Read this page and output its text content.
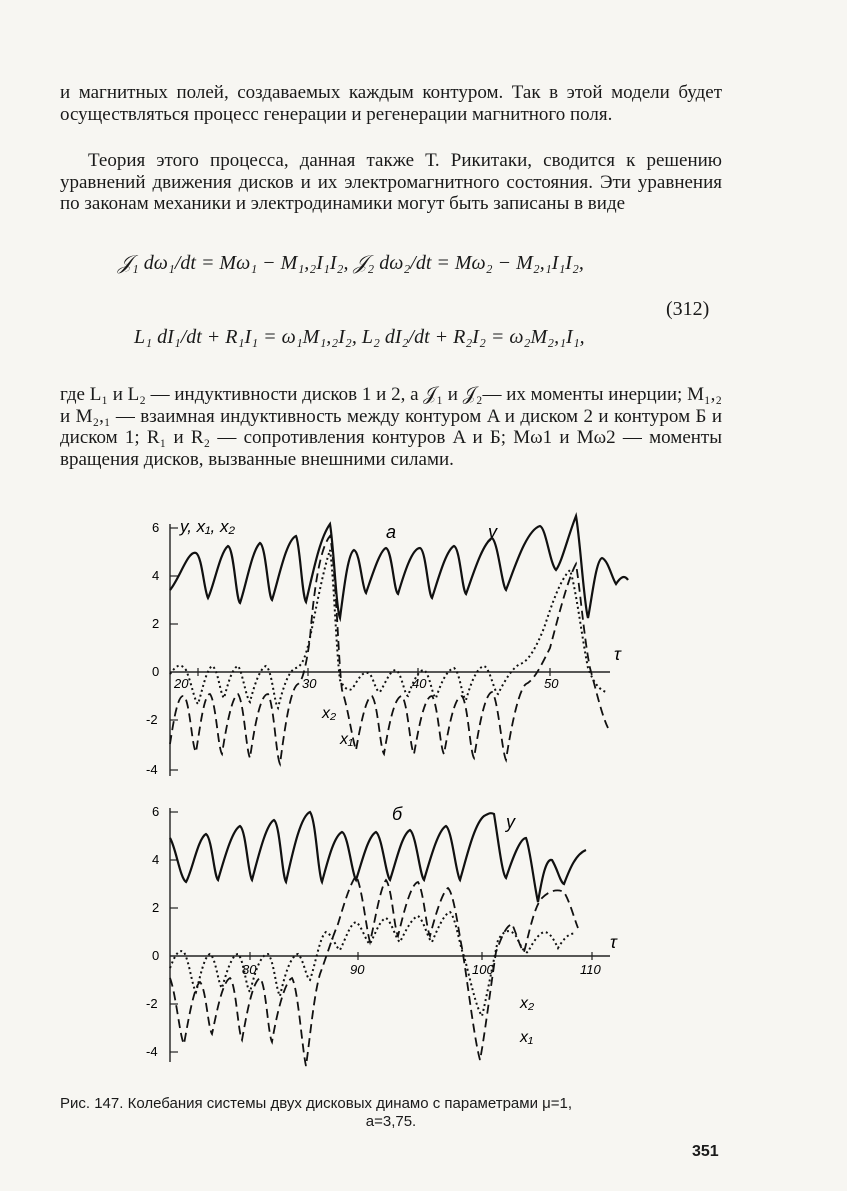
и магнитных полей, создаваемых каждым контуром. Так в этой модели будет осуществляться процесс генерации и регенерации магнитного поля.

Теория этого процесса, данная также Т. Рикитаки, сводится к решению уравнений движения дисков и их электромагнитного состояния. Эти уравнения по законам механики и электродинамики могут быть записаны в виде

𝒥₁ dω₁/dt = Mω₁ − M₁,₂I₁I₂, 𝒥₂ dω₂/dt = Mω₂ − M₂,₁I₁I₂,
(312)
L₁ dI₁/dt + R₁I₁ = ω₁M₁,₂I₂, L₂ dI₂/dt + R₂I₂ = ω₂M₂,₁I₁,

где L₁ и L₂ — индуктивности дисков 1 и 2, а 𝒥₁ и 𝒥₂— их моменты инерции; M₁,₂ и M₂,₁ — взаимная индуктивность между контуром A и диском 2 и контуром Б и диском 1; R₁ и R₂ — сопротивления контуров A и Б; Mω1 и Mω2 — моменты вращения дисков, вызванные внешними силами.

6
4
2
0
-2
-4
20	30	40	50
y, x₁, x₂	а	y
τ
x₂
x₁
6
4
2
0
-2
-4
80	90	100	110
б	y
τ
x₂
x₁
Рис. 147. Колебания системы двух дисковых динамо с параметрами μ=1,
a=3,75.
351
